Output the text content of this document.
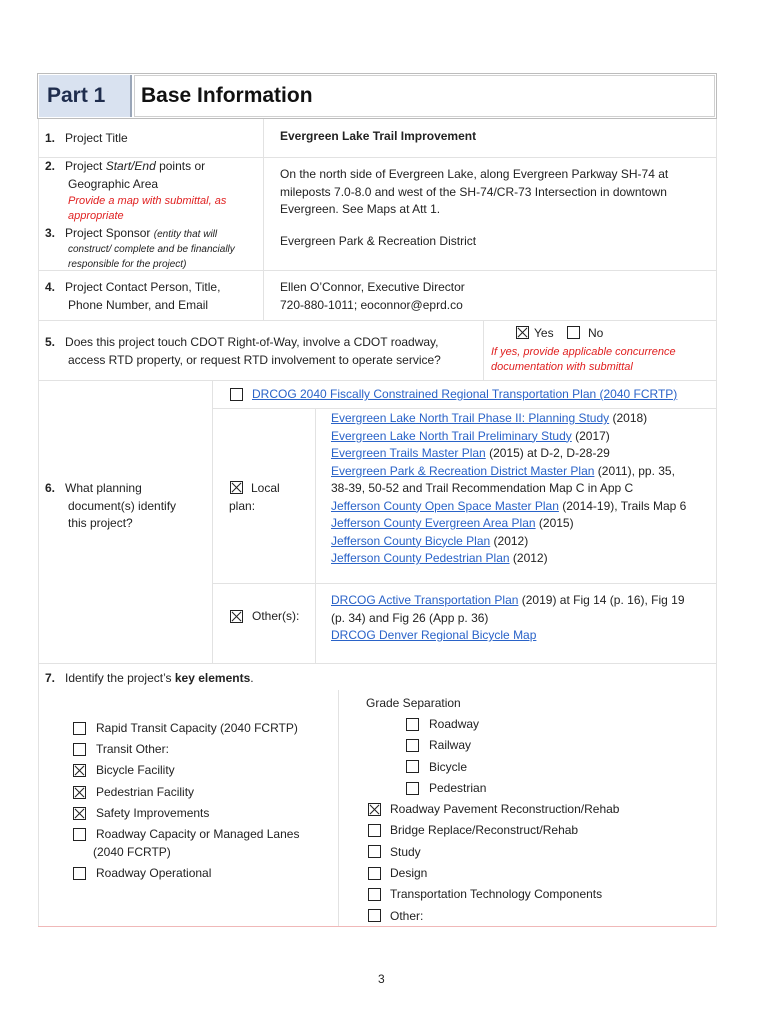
Part 1 Base Information
1. Project Title	Evergreen Lake Trail Improvement
2. Project Start/End points or
Geographic Area
Provide a map with submittal, as
appropriate
On the north side of Evergreen Lake, along Evergreen Parkway SH-74 at
mileposts 7.0-8.0 and west of the SH-74/CR-73 Intersection in downtown
Evergreen. See Maps at Att 1.
3. Project Sponsor (entity that will
construct/ complete and be financially
responsible for the project)
Evergreen Park & Recreation District
4. Project Contact Person, Title,
Phone Number, and Email
Ellen O’Connor, Executive Director
720-880-1011; eoconnor@eprd.co
5. Does this project touch CDOT Right-of-Way, involve a CDOT roadway,
access RTD property, or request RTD involvement to operate service?
Yes	No
If yes, provide applicable concurrence
documentation with submittal
6. What planning
document(s) identify
this project?
DRCOG 2040 Fiscally Constrained Regional Transportation Plan (2040 FCRTP)
Local
plan:
Evergreen Lake North Trail Phase II: Planning Study (2018)
Evergreen Lake North Trail Preliminary Study (2017)
Evergreen Trails Master Plan (2015) at D-2, D-28-29
Evergreen Park & Recreation District Master Plan (2011), pp. 35,
38-39, 50-52 and Trail Recommendation Map C in App C
Jefferson County Open Space Master Plan (2014-19), Trails Map 6
Jefferson County Evergreen Area Plan (2015)
Jefferson County Bicycle Plan (2012)
Jefferson County Pedestrian Plan (2012)
Other(s):
DRCOG Active Transportation Plan (2019) at Fig 14 (p. 16), Fig 19
(p. 34) and Fig 26 (App p. 36)
DRCOG Denver Regional Bicycle Map
7. Identify the project’s key elements.
Rapid Transit Capacity (2040 FCRTP)
Transit Other:
Bicycle Facility
Pedestrian Facility
Safety Improvements
Roadway Capacity or Managed Lanes
(2040 FCRTP)
Roadway Operational
Grade Separation
Roadway
Railway
Bicycle
Pedestrian
Roadway Pavement Reconstruction/Rehab
Bridge Replace/Reconstruct/Rehab
Study
Design
Transportation Technology Components
Other:
3
